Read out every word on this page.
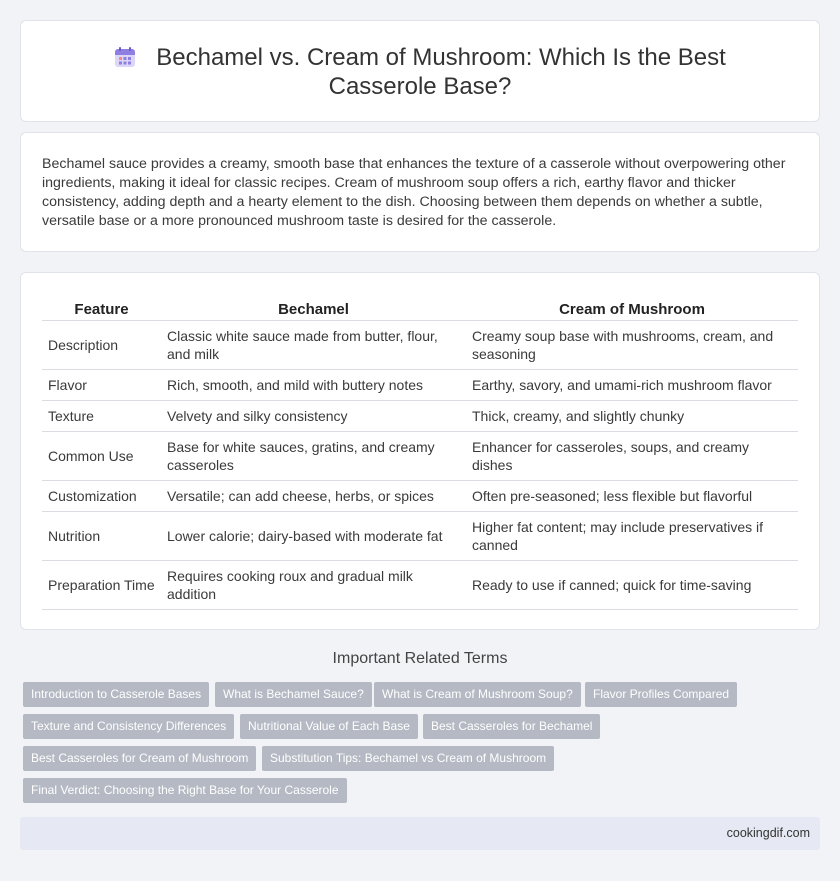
Bechamel vs. Cream of Mushroom: Which Is the Best Casserole Base?

Bechamel sauce provides a creamy, smooth base that enhances the texture of a casserole without overpowering other ingredients, making it ideal for classic recipes. Cream of mushroom soup offers a rich, earthy flavor and thicker consistency, adding depth and a hearty element to the dish. Choosing between them depends on whether a subtle, versatile base or a more pronounced mushroom taste is desired for the casserole.

Feature	Bechamel	Cream of Mushroom
Description	Classic white sauce made from butter, flour, and milk	Creamy soup base with mushrooms, cream, and seasoning
Flavor	Rich, smooth, and mild with buttery notes	Earthy, savory, and umami-rich mushroom flavor
Texture	Velvety and silky consistency	Thick, creamy, and slightly chunky
Common Use	Base for white sauces, gratins, and creamy casseroles	Enhancer for casseroles, soups, and creamy dishes
Customization	Versatile; can add cheese, herbs, or spices	Often pre-seasoned; less flexible but flavorful
Nutrition	Lower calorie; dairy-based with moderate fat	Higher fat content; may include preservatives if canned
Preparation Time	Requires cooking roux and gradual milk addition	Ready to use if canned; quick for time-saving
Important Related Terms
Introduction to Casserole Bases	What is Bechamel Sauce?	What is Cream of Mushroom Soup?	Flavor Profiles Compared
Texture and Consistency Differences	Nutritional Value of Each Base	Best Casseroles for Bechamel
Best Casseroles for Cream of Mushroom	Substitution Tips: Bechamel vs Cream of Mushroom
Final Verdict: Choosing the Right Base for Your Casserole
cookingdif.com
